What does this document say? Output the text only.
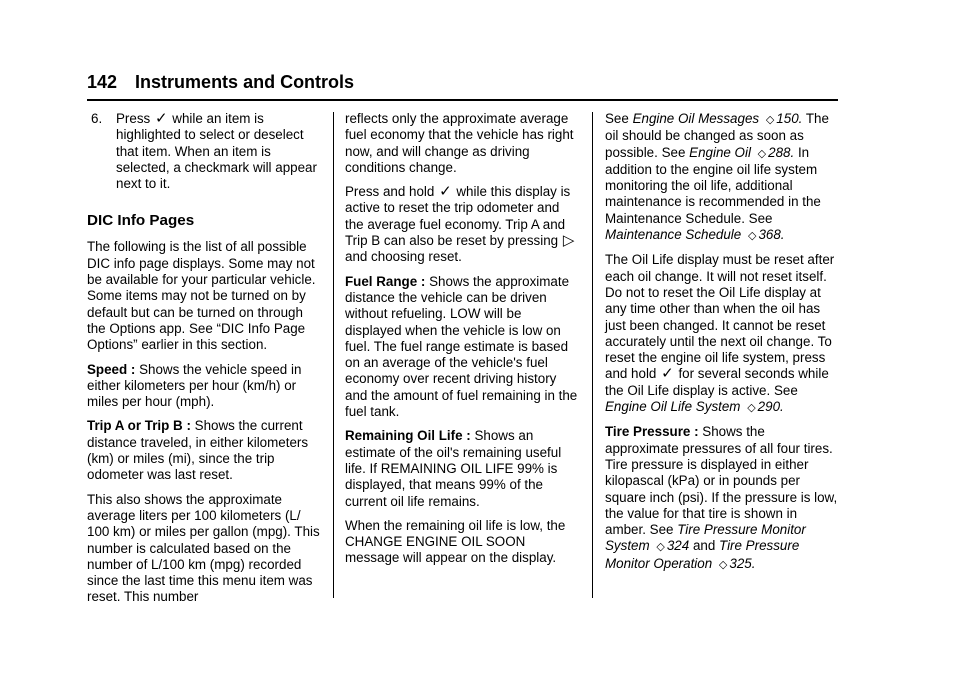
142 Instruments and Controls
6.	Press ✓ while an item is highlighted to select or deselect that item. When an item is selected, a checkmark will appear next to it.

DIC Info Pages

The following is the list of all possible DIC info page displays. Some may not be available for your particular vehicle. Some items may not be turned on by default but can be turned on through the Options app. See “DIC Info Page Options” earlier in this section.

Speed : Shows the vehicle speed in either kilometers per hour (km/h) or miles per hour (mph).

Trip A or Trip B : Shows the current distance traveled, in either kilometers (km) or miles (mi), since the trip odometer was last reset.

This also shows the approximate average liters per 100 kilometers (L/ 100 km) or miles per gallon (mpg). This number is calculated based on the number of L/100 km (mpg) recorded since the last time this menu item was reset. This number

reflects only the approximate average fuel economy that the vehicle has right now, and will change as driving conditions change.

Press and hold ✓ while this display is active to reset the trip odometer and the average fuel economy. Trip A and Trip B can also be reset by pressing ▷ and choosing reset.

Fuel Range : Shows the approximate distance the vehicle can be driven without refueling. LOW will be displayed when the vehicle is low on fuel. The fuel range estimate is based on an average of the vehicle's fuel economy over recent driving history and the amount of fuel remaining in the fuel tank.

Remaining Oil Life : Shows an estimate of the oil's remaining useful life. If REMAINING OIL LIFE 99% is displayed, that means 99% of the current oil life remains.

When the remaining oil life is low, the CHANGE ENGINE OIL SOON message will appear on the display.

See Engine Oil Messages ◇ 150. The oil should be changed as soon as possible. See Engine Oil ◇ 288. In addition to the engine oil life system monitoring the oil life, additional maintenance is recommended in the Maintenance Schedule. See Maintenance Schedule ◇ 368.

The Oil Life display must be reset after each oil change. It will not reset itself. Do not to reset the Oil Life display at any time other than when the oil has just been changed. It cannot be reset accurately until the next oil change. To reset the engine oil life system, press and hold ✓ for several seconds while the Oil Life display is active. See Engine Oil Life System ◇ 290.

Tire Pressure : Shows the approximate pressures of all four tires. Tire pressure is displayed in either kilopascal (kPa) or in pounds per square inch (psi). If the pressure is low, the value for that tire is shown in amber. See Tire Pressure Monitor System ◇ 324 and Tire Pressure Monitor Operation ◇ 325.
